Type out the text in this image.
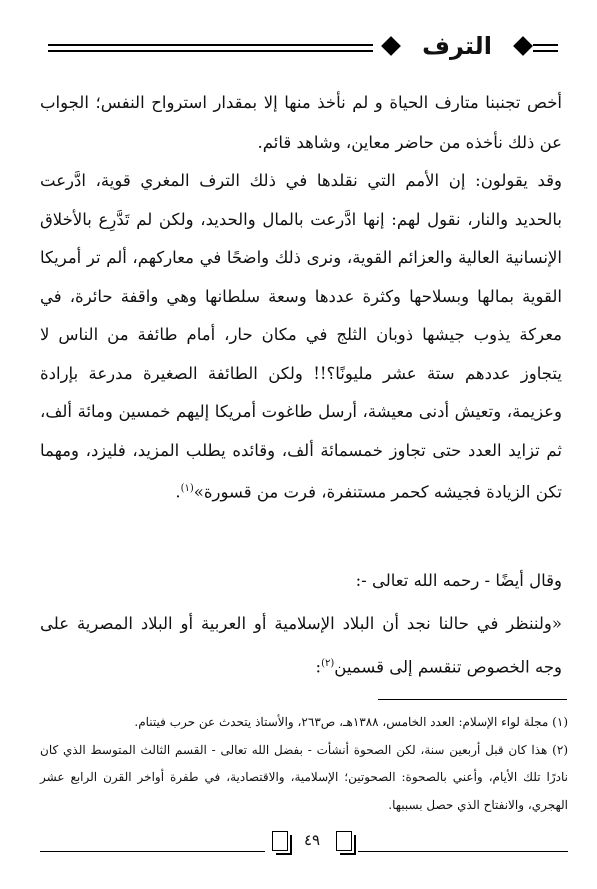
الترف

أخص تجنبنا متارف الحياة و لم نأخذ منها إلا بمقدار استرواح النفس؛ الجواب عن ذلك نأخذه من حاضر معاين، وشاهد قائم.

وقد يقولون: إن الأمم التي نقلدها في ذلك الترف المغري قوية، ادَّرعت بالحديد والنار، نقول لهم: إنها ادَّرعت بالمال والحديد، ولكن لم تَدَّرِع بالأخلاق الإنسانية العالية والعزائم القوية، ونرى ذلك واضحًا في معاركهم، ألم تر أمريكا القوية بمالها وبسلاحها وكثرة عددها وسعة سلطانها وهي واقفة حائرة، في معركة يذوب جيشها ذوبان الثلج في مكان حار، أمام طائفة من الناس لا يتجاوز عددهم ستة عشر مليونًا؟!! ولكن الطائفة الصغيرة مدرعة بإرادة وعزيمة، وتعيش أدنى معيشة، أرسل طاغوت أمريكا إليهم خمسين ومائة ألف، ثم تزايد العدد حتى تجاوز خمسمائة ألف، وقائده يطلب المزيد، فليزد، ومهما تكن الزيادة فجيشه كحمر مستنفرة، فرت من قسورة»$^{(١)}$.

وقال أيضًا - رحمه الله تعالى -:

«ولننظر في حالنا نجد أن البلاد الإسلامية أو العربية أو البلاد المصرية على وجه الخصوص تنقسم إلى قسمين$^{(٢)}$:

(١) مجلة لواء الإسلام: العدد الخامس، ١٣٨٨هـ، ص٢٦٣، والأستاذ يتحدث عن حرب فيتنام.

(٢) هذا كان قبل أربعين سنة، لكن الصحوة أنشأت - بفضل الله تعالى - القسم الثالث المتوسط الذي كان نادرًا تلك الأيام، وأعني بالصحوة: الصحوتين؛ الإسلامية، والاقتصادية، في طفرة أواخر القرن الرابع عشر الهجري، والانفتاح الذي حصل بسببها.

٤٩
